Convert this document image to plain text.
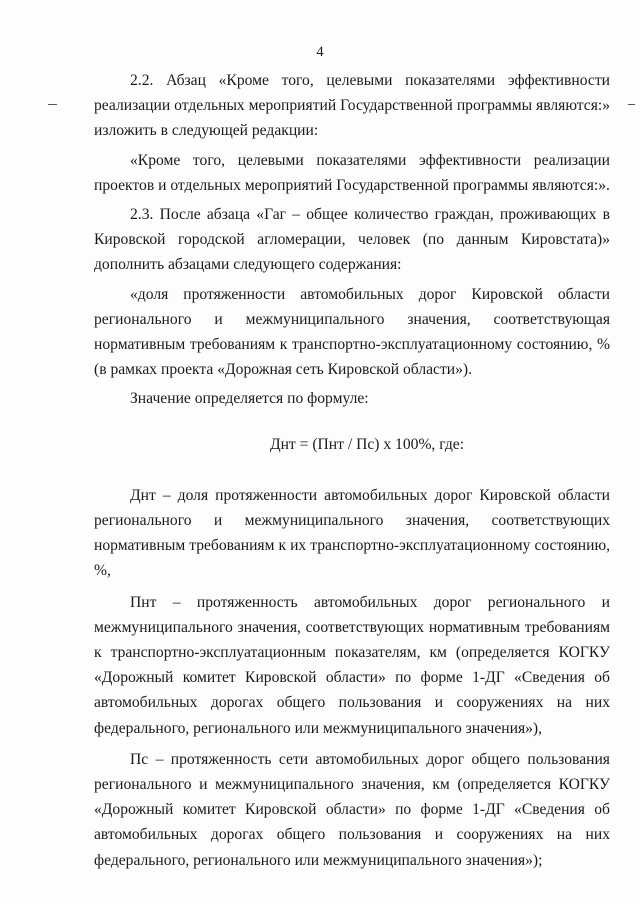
4

2.2. Абзац «Кроме того, целевыми показателями эффективности реализации отдельных мероприятий Государственной программы являются:» изложить в следующей редакции:

«Кроме того, целевыми показателями эффективности реализации проектов и отдельных мероприятий Государственной программы являются:».

2.3. После абзаца «Гаг – общее количество граждан, проживающих в Кировской городской агломерации, человек (по данным Кировстата)» дополнить абзацами следующего содержания:

«доля протяженности автомобильных дорог Кировской области регионального и межмуниципального значения, соответствующая нормативным требованиям к транспортно-эксплуатационному состоянию, % (в рамках проекта «Дорожная сеть Кировской области»).

Значение определяется по формуле:

Днт = (Пнт / Пс) х 100%, где:

Днт – доля протяженности автомобильных дорог Кировской области регионального и межмуниципального значения, соответствующих нормативным требованиям к их транспортно-эксплуатационному состоянию, %,

Пнт – протяженность автомобильных дорог регионального и межмуниципального значения, соответствующих нормативным требованиям к транспортно-эксплуатационным показателям, км (определяется КОГКУ «Дорожный комитет Кировской области» по форме 1-ДГ «Сведения об автомобильных дорогах общего пользования и сооружениях на них федерального, регионального или межмуниципального значения»),

Пс – протяженность сети автомобильных дорог общего пользования регионального и межмуниципального значения, км (определяется КОГКУ «Дорожный комитет Кировской области» по форме 1-ДГ «Сведения об автомобильных дорогах общего пользования и сооружениях на них федерального, регионального или межмуниципального значения»);
